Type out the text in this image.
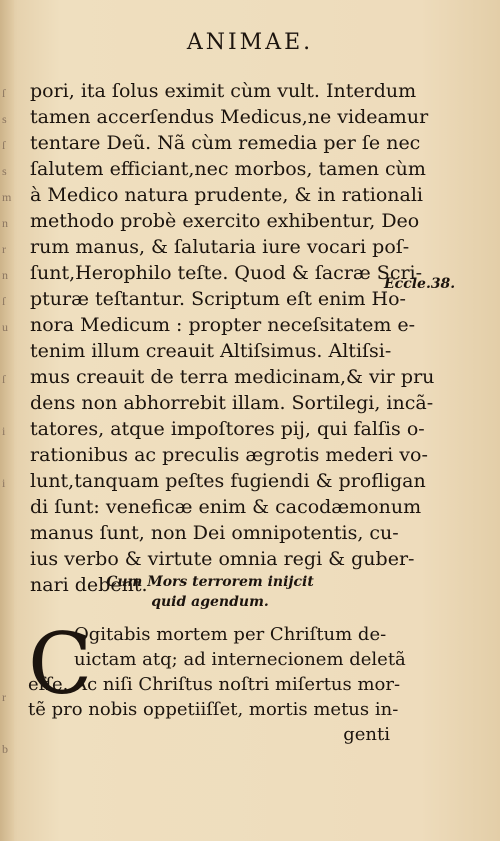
ſ
s
ſ
s
m
n
r
n
ſ
u
ſ
i
i
r
b
ANIMAE.
pori, ita ſolus eximit cùm vult. Interdum
tamen accerſendus Medicus,ne videamur
tentare Deũ. Nã cùm remedia per ſe nec
ſalutem efficiant,nec morbos, tamen cùm
à Medico natura prudente, & in rationali
methodo probè exercito exhibentur, Deo
rum manus, & ſalutaria iure vocari poſ-
ſunt,Herophilo teſte. Quod & ſacræ Scri-
pturæ teſtantur. Scriptum eſt enim Ho-
nora Medicum : propter neceſsitatem e-
tenim illum creauit Altiſsimus. Altiſsi-
mus creauit de terra medicinam,& vir pru
dens non abhorrebit illam. Sortilegi, incã-
tatores, atque impoſtores pij, qui falſis o-
rationibus ac preculis ægrotis mederi vo-
lunt,tanquam peſtes fugiendi & profligan
di ſunt: veneficæ enim & cacodæmonum
manus ſunt, non Dei omnipotentis, cu-
ius verbo & virtute omnia regi & guber-
nari debent.
Eccle.38.
Cum Mors terrorem inijcit
quid agendum.
C
Ogitabis mortem per Chriſtum de-
uictam atq; ad internecionem deletã
eſſe. Ac niſi Chriſtus noſtri miſertus mor-
tẽ pro nobis oppetiiſſet, mortis metus in-
genti
